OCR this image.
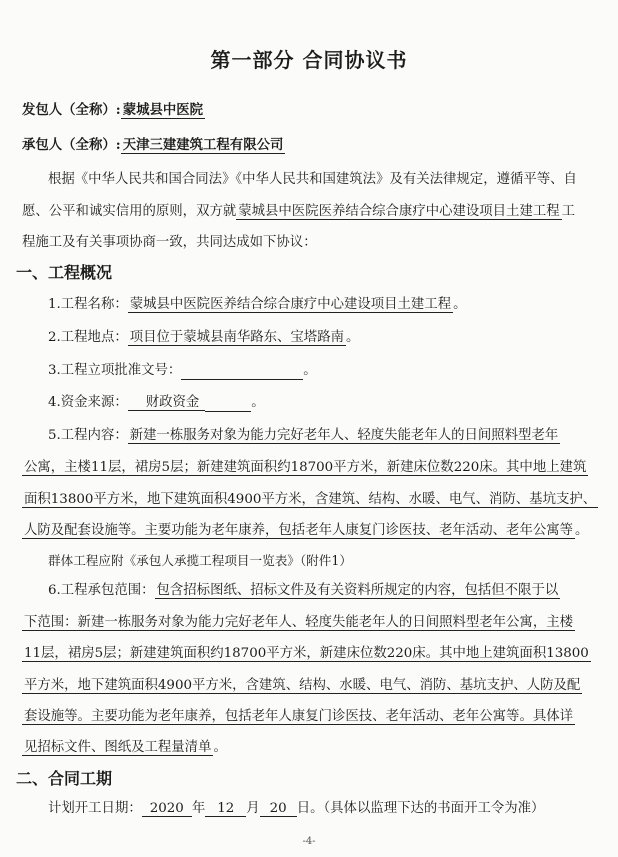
第一部分 合同协议书
发包人（全称）: 蒙城县中医院
承包人（全称）: 天津三建建筑工程有限公司
根据《中华人民共和国合同法》《中华人民共和国建筑法》及有关法律规定，遵循平等、自
愿、公平和诚实信用的原则，双方就 蒙城县中医院医养结合综合康疗中心建设项目土建工程 工
程施工及有关事项协商一致，共同达成如下协议：
一、工程概况
1.工程名称： 蒙城县中医院医养结合综合康疗中心建设项目土建工程 。
2.工程地点： 项目位于蒙城县南华路东、宝塔路南 。
3.工程立项批准文号：	。
4.资金来源： 财政资金	。
5.工程内容： 新建一栋服务对象为能力完好老年人、轻度失能老年人的日间照料型老年
公寓，主楼11层，裙房5层；新建建筑面积约18700平方米，新建床位数220床。其中地上建筑
面积13800平方米，地下建筑面积4900平方米，含建筑、结构、水暖、电气、消防、基坑支护、
人防及配套设施等。主要功能为老年康养，包括老年人康复门诊医技、老年活动、老年公寓等 。
群体工程应附《承包人承揽工程项目一览表》（附件1）
6.工程承包范围： 包含招标图纸、招标文件及有关资料所规定的内容，包括但不限于以
下范围：新建一栋服务对象为能力完好老年人、轻度失能老年人的日间照料型老年公寓，主楼
11层，裙房5层；新建建筑面积约18700平方米，新建床位数220床。其中地上建筑面积13800
平方米，地下建筑面积4900平方米，含建筑、结构、水暖、电气、消防、基坑支护、人防及配
套设施等。主要功能为老年康养，包括老年人康复门诊医技、老年活动、老年公寓等。具体详
见招标文件、图纸及工程量清单 。
二、合同工期
计划开工日期： 2020 年 12 月 20 日。（具体以监理下达的书面开工令为准）
-4-
